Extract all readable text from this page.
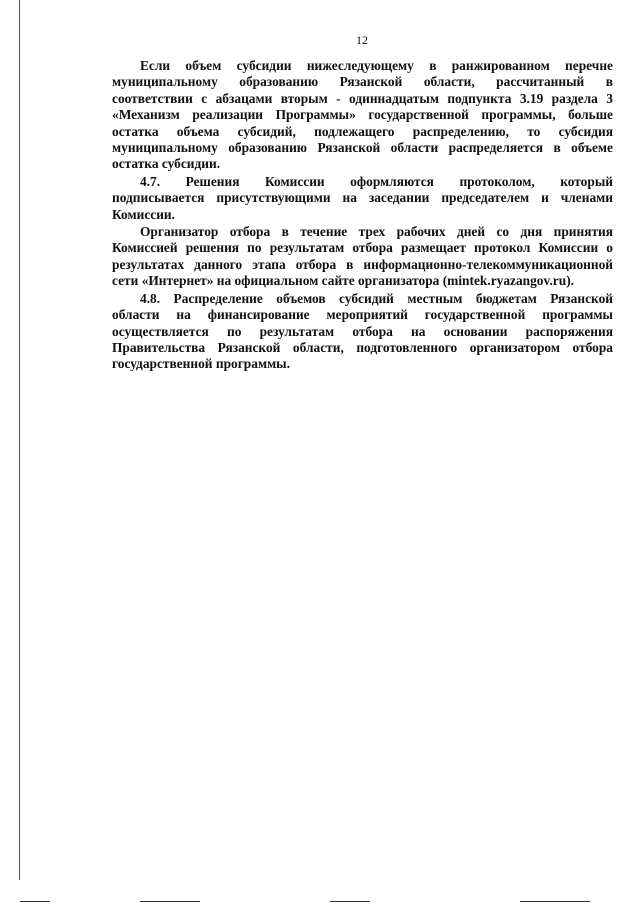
12
Если объем субсидии нижеследующему в ранжированном перечне
муниципальному образованию Рязанской области, рассчитанный в
соответствии с абзацами вторым - одиннадцатым подпункта 3.19 раздела 3
«Механизм реализации Программы» государственной программы, больше
остатка объема субсидий, подлежащего распределению, то субсидия
муниципальному образованию Рязанской области распределяется в объеме
остатка субсидии.
4.7. Решения Комиссии оформляются протоколом, который
подписывается присутствующими на заседании председателем и членами
Комиссии.
Организатор отбора в течение трех рабочих дней со дня принятия
Комиссией решения по результатам отбора размещает протокол Комиссии о
результатах данного этапа отбора в информационно-телекоммуникационной
сети «Интернет» на официальном сайте организатора (mintek.ryazangov.ru).
4.8. Распределение объемов субсидий местным бюджетам Рязанской
области на финансирование мероприятий государственной программы
осуществляется по результатам отбора на основании распоряжения
Правительства Рязанской области, подготовленного организатором отбора
государственной программы.
